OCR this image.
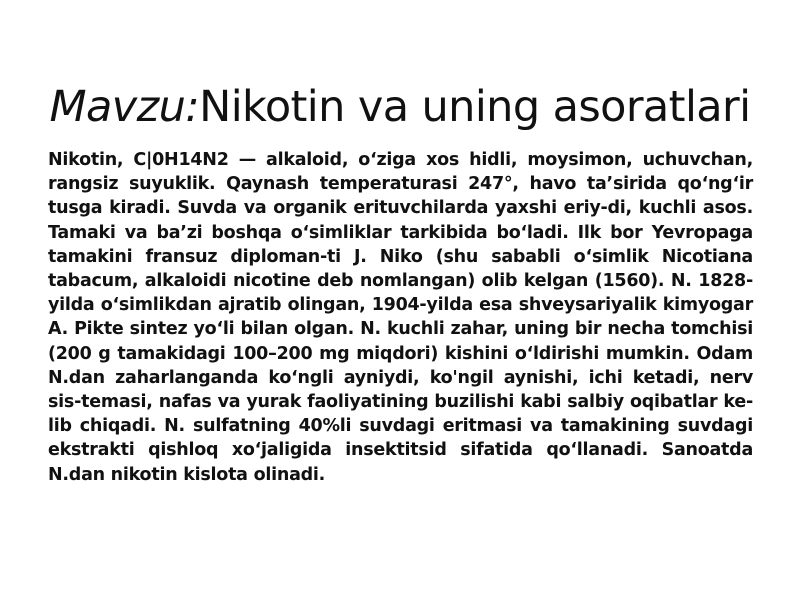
Mavzu:Nikotin va uning asoratlari

Nikotin, C|0H14N2 — alkaloid, oʻziga xos hidli, moysimon, uchuvchan, rangsiz suyuklik. Qaynash temperaturasi 247°, havo taʼsirida qoʻngʻir tusga kiradi. Suvda va organik erituvchilarda yaxshi eriy-di, kuchli asos. Tamaki va baʼzi boshqa oʻsimliklar tarkibida boʻladi. Ilk bor Yevropaga tamakini fransuz diploman-ti J. Niko (shu sababli oʻsimlik Nicotiana tabacum, alkaloidi nicotine deb nomlangan) olib kelgan (1560). N. 1828-yilda oʻsimlikdan ajratib olingan, 1904-yilda esa shveysariyalik kimyogar A. Pikte sintez yoʻli bilan olgan. N. kuchli zahar, uning bir necha tomchisi (200 g tamakidagi 100–200 mg miqdori) kishini oʻldirishi mumkin. Odam N.dan zaharlanganda koʻngli ayniydi, ko'ngil aynishi, ichi ketadi, nerv sis-temasi, nafas va yurak faoliyatining buzilishi kabi salbiy oqibatlar ke-lib chiqadi. N. sulfatning 40%li suvdagi eritmasi va tamakining suvdagi ekstrakti qishloq xoʻjaligida insektitsid sifatida qoʻllanadi. Sanoatda N.dan nikotin kislota olinadi.
